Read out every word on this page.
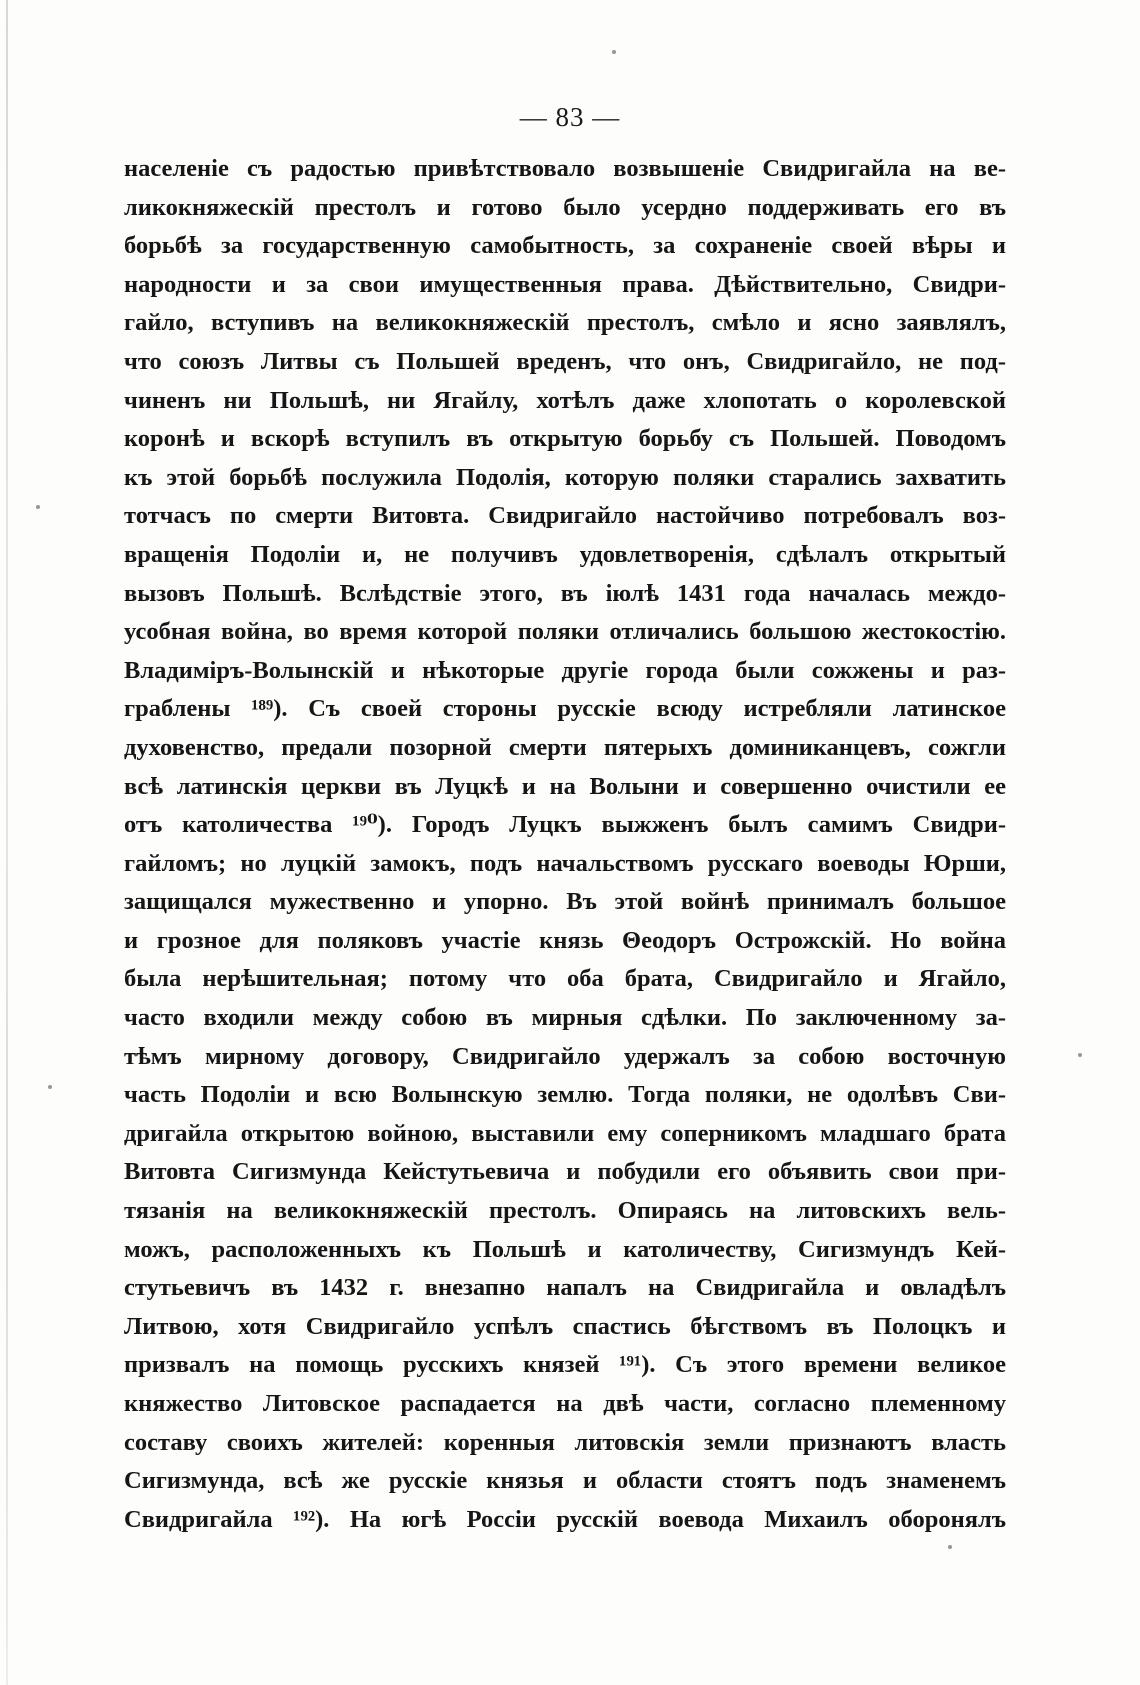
— 83 —
населеніе съ радостью привѣтствовало возвышеніе Свидригайла на ве-
ликокняжескій престолъ и готово было усердно поддерживать его въ
борьбѣ за государственную самобытность, за сохраненіе своей вѣры и
народности и за свои имущественныя права. Дѣйствительно, Свидри-
гайло, вступивъ на великокняжескій престолъ, смѣло и ясно заявлялъ,
что союзъ Литвы съ Польшей вреденъ, что онъ, Свидригайло, не под-
чиненъ ни Польшѣ, ни Ягайлу, хотѣлъ даже хлопотать о королевской
коронѣ и вскорѣ вступилъ въ открытую борьбу съ Польшей. Поводомъ
къ этой борьбѣ послужила Подолія, которую поляки старались захватить
тотчасъ по смерти Витовта. Свидригайло настойчиво потребовалъ воз-
вращенія Подоліи и, не получивъ удовлетворенія, сдѣлалъ открытый
вызовъ Польшѣ. Вслѣдствіе этого, въ іюлѣ 1431 года началась междо-
усобная война, во время которой поляки отличались большою жестокостію.
Владиміръ-Волынскій и нѣкоторые другіе города были сожжены и раз-
граблены ¹⁸⁹). Съ своей стороны русскіе всюду истребляли латинское
духовенство, предали позорной смерти пятерыхъ доминиканцевъ, сожгли
всѣ латинскія церкви въ Луцкѣ и на Волыни и совершенно очистили ее
отъ католичества ¹⁹⁰). Городъ Луцкъ выжженъ былъ самимъ Свидри-
гайломъ; но луцкій замокъ, подъ начальствомъ русскаго воеводы Юрши,
защищался мужественно и упорно. Въ этой войнѣ принималъ большое
и грозное для поляковъ участіе князь Θеодоръ Острожскій. Но война
была нерѣшительная; потому что оба брата, Свидригайло и Ягайло,
часто входили между собою въ мирныя сдѣлки. По заключенному за-
тѣмъ мирному договору, Свидригайло удержалъ за собою восточную
часть Подоліи и всю Волынскую землю. Тогда поляки, не одолѣвъ Сви-
дригайла открытою войною, выставили ему соперникомъ младшаго брата
Витовта Сигизмунда Кейстутьевича и побудили его объявить свои при-
тязанія на великокняжескій престолъ. Опираясь на литовскихъ вель-
можъ, расположенныхъ къ Польшѣ и католичеству, Сигизмундъ Кей-
стутьевичъ въ 1432 г. внезапно напалъ на Свидригайла и овладѣлъ
Литвою, хотя Свидригайло успѣлъ спастись бѣгствомъ въ Полоцкъ и
призвалъ на помощь русскихъ князей ¹⁹¹). Съ этого времени великое
княжество Литовское распадается на двѣ части, согласно племенному
составу своихъ жителей: коренныя литовскія земли признаютъ власть
Сигизмунда, всѣ же русскіе князья и области стоятъ подъ знаменемъ
Свидригайла ¹⁹²). На югѣ Россіи русскій воевода Михаилъ оборонялъ
